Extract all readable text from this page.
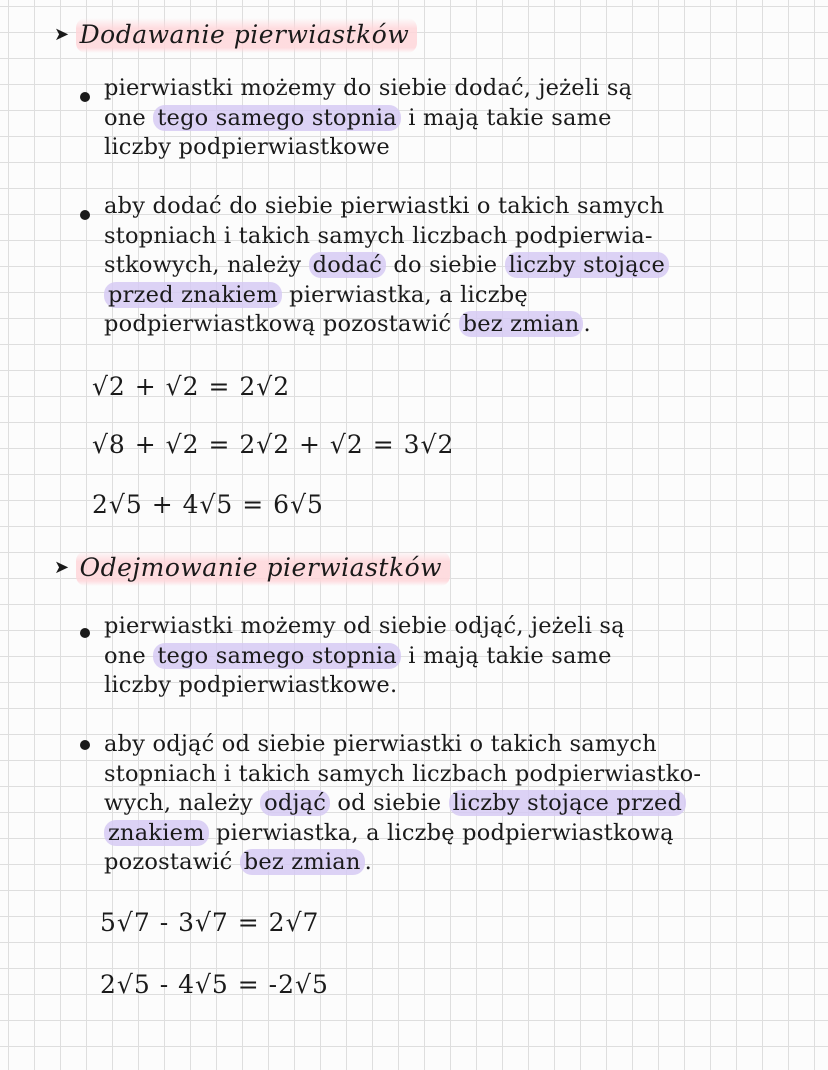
➤ Dodawanie pierwiastków
pierwiastki możemy do siebie dodać, jeżeli są
one tego samego stopnia i mają takie same
liczby podpierwiastkowe
aby dodać do siebie pierwiastki o takich samych
stopniach i takich samych liczbach podpierwia-
stkowych, należy dodać do siebie liczby stojące
przed znakiem pierwiastka, a liczbę
podpierwiastkową pozostawić bez zmian .
√2 + √2 = 2√2
√8 + √2 = 2√2 + √2 = 3√2
2√5 + 4√5 = 6√5
➤ Odejmowanie pierwiastków
pierwiastki możemy od siebie odjąć, jeżeli są
one tego samego stopnia i mają takie same
liczby podpierwiastkowe.
aby odjąć od siebie pierwiastki o takich samych
stopniach i takich samych liczbach podpierwiastko-
wych, należy odjąć od siebie liczby stojące przed
znakiem pierwiastka, a liczbę podpierwiastkową
pozostawić bez zmian .
5√7 - 3√7 = 2√7
2√5 - 4√5 = -2√5
